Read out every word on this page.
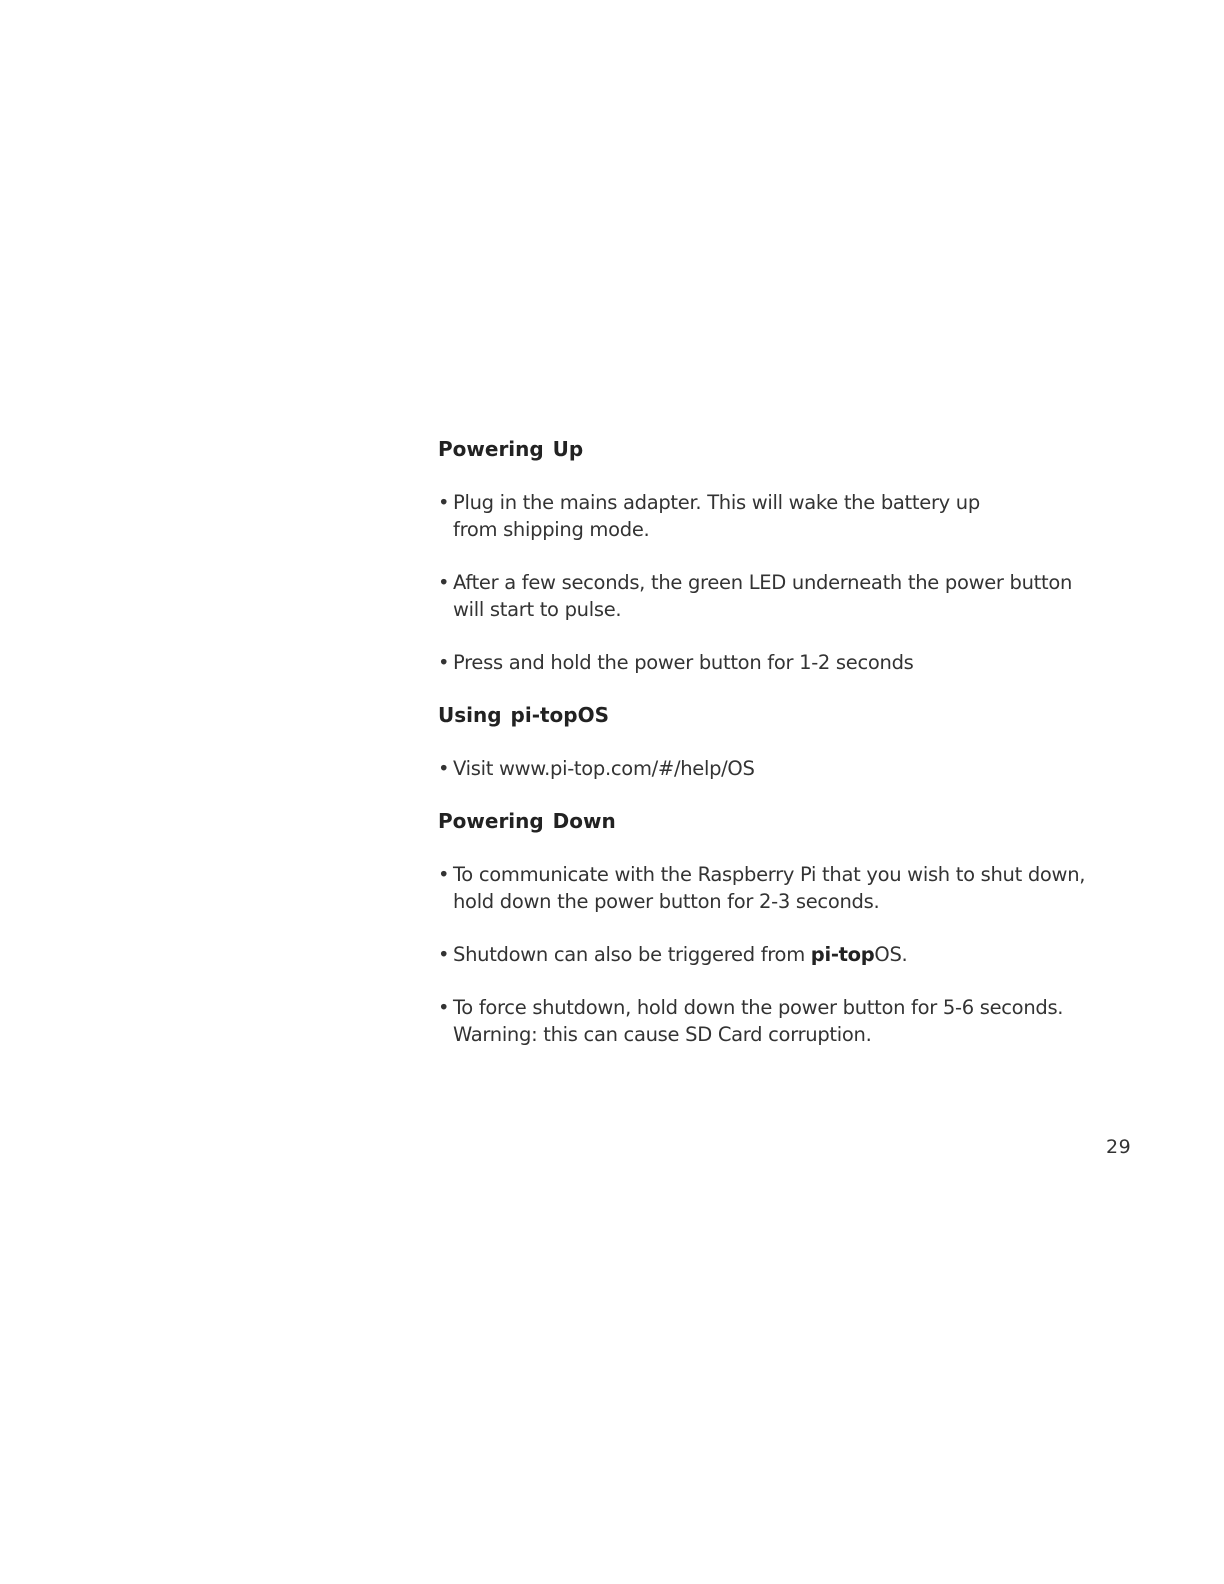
Powering Up

• Plug in the mains adapter. This will wake the battery up
from shipping mode.

• After a few seconds, the green LED underneath the power button
will start to pulse.

• Press and hold the power button for 1-2 seconds

Using pi-topOS

• Visit www.pi-top.com/#/help/OS

Powering Down

• To communicate with the Raspberry Pi that you wish to shut down,
hold down the power button for 2-3 seconds.

• Shutdown can also be triggered from pi-topOS.

• To force shutdown, hold down the power button for 5-6 seconds.
Warning: this can cause SD Card corruption.

29
